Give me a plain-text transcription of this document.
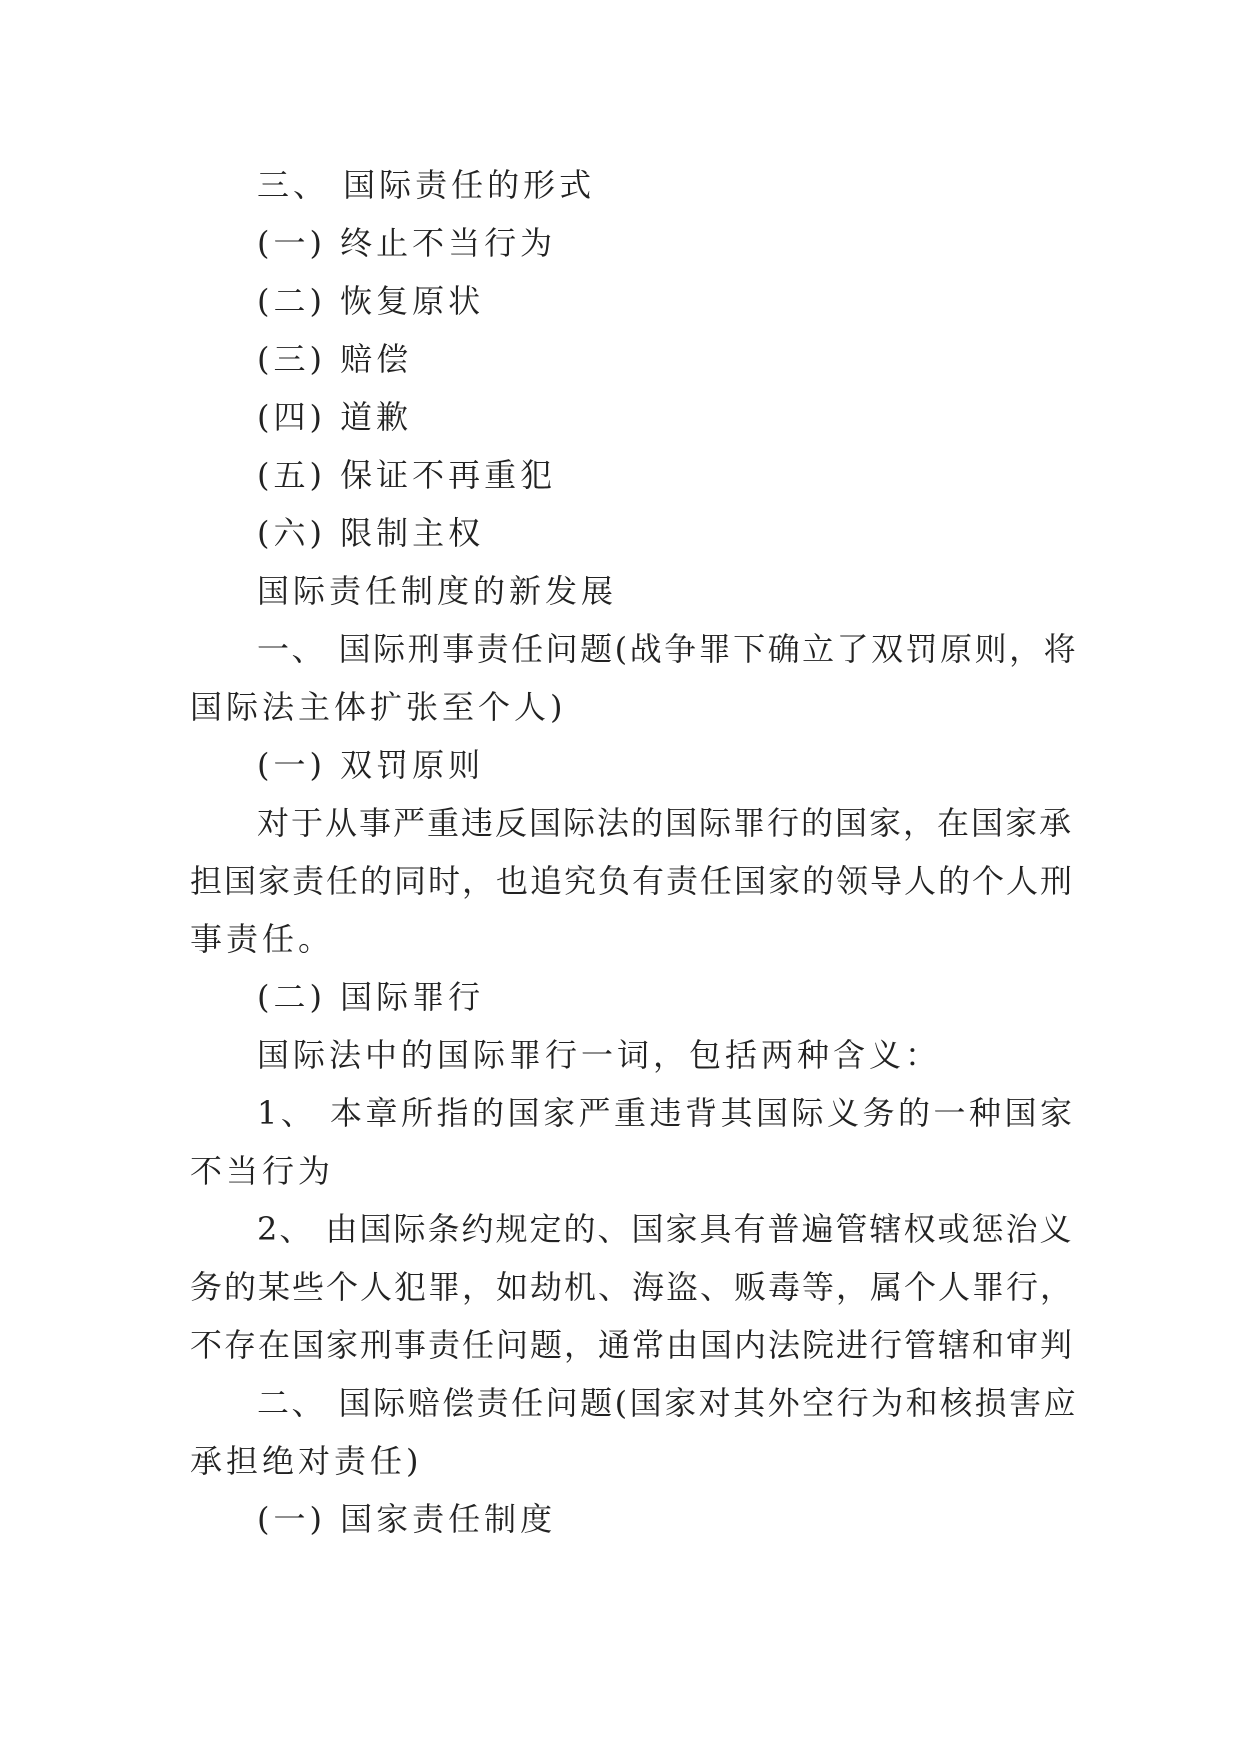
三、 国际责任的形式
(一) 终止不当行为
(二) 恢复原状
(三) 赔偿
(四) 道歉
(五) 保证不再重犯
(六) 限制主权
国际责任制度的新发展
一、 国际刑事责任问题(战争罪下确立了双罚原则，将
国际法主体扩张至个人)
(一) 双罚原则
对于从事严重违反国际法的国际罪行的国家，在国家承
担国家责任的同时，也追究负有责任国家的领导人的个人刑
事责任。
(二) 国际罪行
国际法中的国际罪行一词，包括两种含义：
1、 本章所指的国家严重违背其国际义务的一种国家
不当行为
2、 由国际条约规定的、国家具有普遍管辖权或惩治义
务的某些个人犯罪，如劫机、海盗、贩毒等，属个人罪行，
不存在国家刑事责任问题，通常由国内法院进行管辖和审判
二、 国际赔偿责任问题(国家对其外空行为和核损害应
承担绝对责任)
(一) 国家责任制度
